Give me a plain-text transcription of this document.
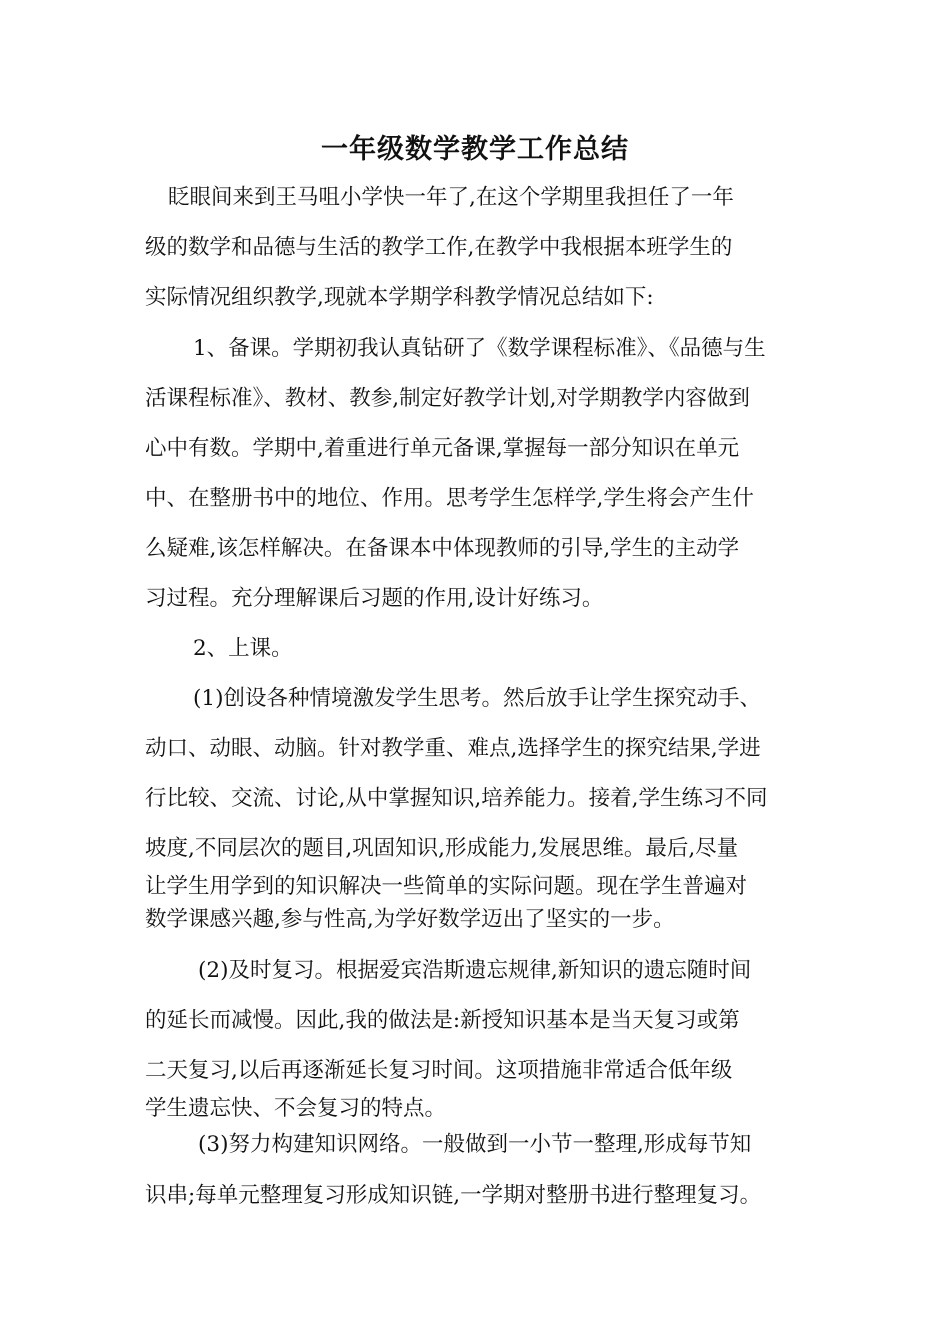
一年级数学教学工作总结
眨眼间来到王马咀小学快一年了,在这个学期里我担任了一年
级的数学和品德与生活的教学工作,在教学中我根据本班学生的
实际情况组织教学,现就本学期学科教学情况总结如下:
1、备课。学期初我认真钻研了《数学课程标准》、《品德与生
活课程标准》、教材、教参,制定好教学计划,对学期教学内容做到
心中有数。学期中,着重进行单元备课,掌握每一部分知识在单元
中、在整册书中的地位、作用。思考学生怎样学,学生将会产生什
么疑难,该怎样解决。在备课本中体现教师的引导,学生的主动学
习过程。充分理解课后习题的作用,设计好练习。
2、上课。
(1)创设各种情境激发学生思考。然后放手让学生探究动手、
动口、动眼、动脑。针对教学重、难点,选择学生的探究结果,学进
行比较、交流、讨论,从中掌握知识,培养能力。接着,学生练习不同
坡度,不同层次的题目,巩固知识,形成能力,发展思维。最后,尽量
让学生用学到的知识解决一些简单的实际问题。现在学生普遍对
数学课感兴趣,参与性高,为学好数学迈出了坚实的一步。
(2)及时复习。根据爱宾浩斯遗忘规律,新知识的遗忘随时间
的延长而减慢。因此,我的做法是:新授知识基本是当天复习或第
二天复习,以后再逐渐延长复习时间。这项措施非常适合低年级
学生遗忘快、不会复习的特点。
(3)努力构建知识网络。一般做到一小节一整理,形成每节知
识串;每单元整理复习形成知识链,一学期对整册书进行整理复习。
